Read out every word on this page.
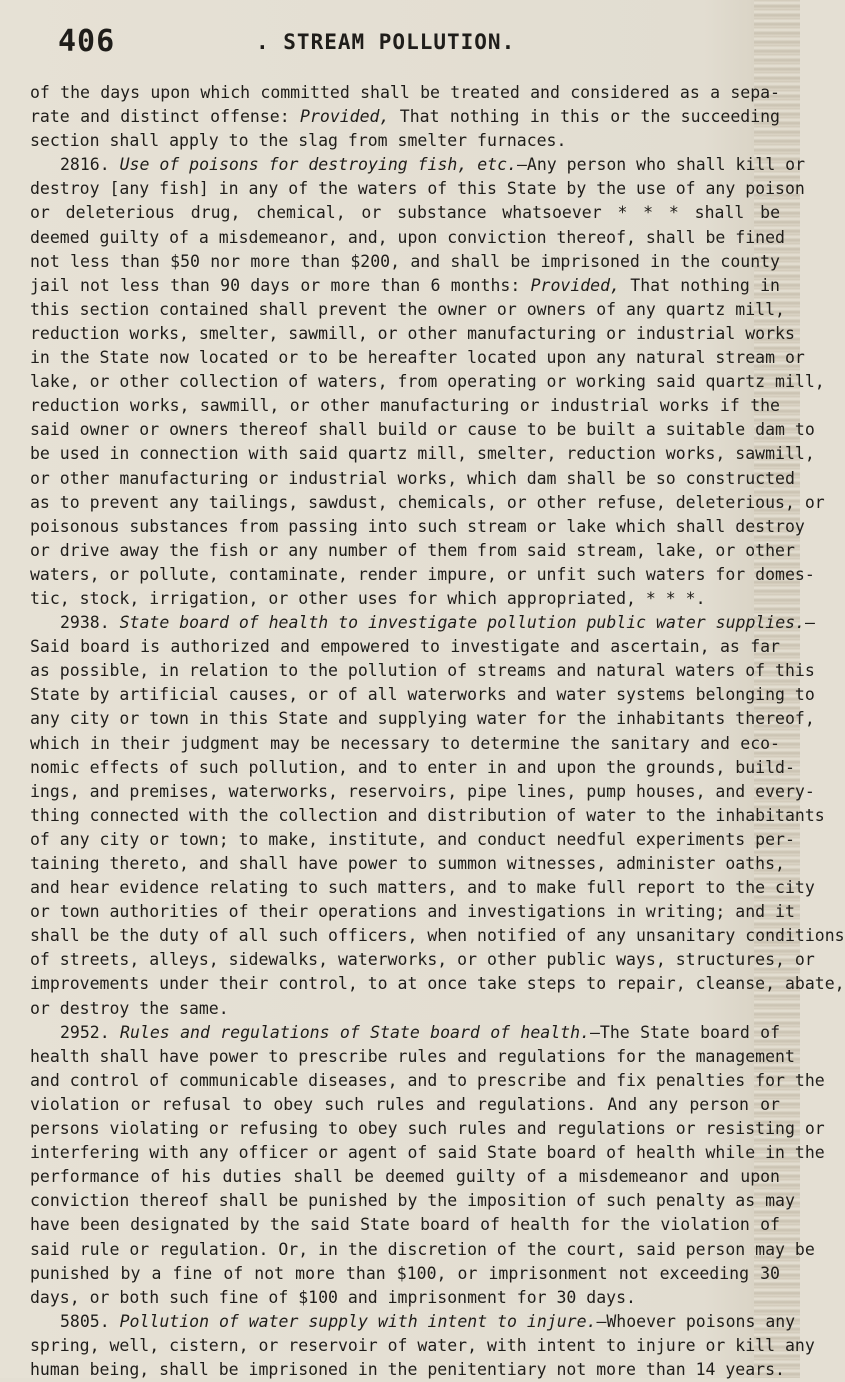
406	. STREAM POLLUTION.
of the days upon which committed shall be treated and considered as a sepa-
rate and distinct offense: Provided, That nothing in this or the succeeding
section shall apply to the slag from smelter furnaces.
2816. Use of poisons for destroying fish, etc.—Any person who shall kill or
destroy [any fish] in any of the waters of this State by the use of any poison
or deleterious drug, chemical, or substance whatsoever * * * shall be
deemed guilty of a misdemeanor, and, upon conviction thereof, shall be fined
not less than $50 nor more than $200, and shall be imprisoned in the county
jail not less than 90 days or more than 6 months: Provided, That nothing in
this section contained shall prevent the owner or owners of any quartz mill,
reduction works, smelter, sawmill, or other manufacturing or industrial works
in the State now located or to be hereafter located upon any natural stream or
lake, or other collection of waters, from operating or working said quartz mill,
reduction works, sawmill, or other manufacturing or industrial works if the
said owner or owners thereof shall build or cause to be built a suitable dam to
be used in connection with said quartz mill, smelter, reduction works, sawmill,
or other manufacturing or industrial works, which dam shall be so constructed
as to prevent any tailings, sawdust, chemicals, or other refuse, deleterious, or
poisonous substances from passing into such stream or lake which shall destroy
or drive away the fish or any number of them from said stream, lake, or other
waters, or pollute, contaminate, render impure, or unfit such waters for domes-
tic, stock, irrigation, or other uses for which appropriated, * * *.
2938. State board of health to investigate pollution public water supplies.—
Said board is authorized and empowered to investigate and ascertain, as far
as possible, in relation to the pollution of streams and natural waters of this
State by artificial causes, or of all waterworks and water systems belonging to
any city or town in this State and supplying water for the inhabitants thereof,
which in their judgment may be necessary to determine the sanitary and eco-
nomic effects of such pollution, and to enter in and upon the grounds, build-
ings, and premises, waterworks, reservoirs, pipe lines, pump houses, and every-
thing connected with the collection and distribution of water to the inhabitants
of any city or town; to make, institute, and conduct needful experiments per-
taining thereto, and shall have power to summon witnesses, administer oaths,
and hear evidence relating to such matters, and to make full report to the city
or town authorities of their operations and investigations in writing; and it
shall be the duty of all such officers, when notified of any unsanitary conditions
of streets, alleys, sidewalks, waterworks, or other public ways, structures, or
improvements under their control, to at once take steps to repair, cleanse, abate,
or destroy the same.
2952. Rules and regulations of State board of health.—The State board of
health shall have power to prescribe rules and regulations for the management
and control of communicable diseases, and to prescribe and fix penalties for the
violation or refusal to obey such rules and regulations. And any person or
persons violating or refusing to obey such rules and regulations or resisting or
interfering with any officer or agent of said State board of health while in the
performance of his duties shall be deemed guilty of a misdemeanor and upon
conviction thereof shall be punished by the imposition of such penalty as may
have been designated by the said State board of health for the violation of
said rule or regulation. Or, in the discretion of the court, said person may be
punished by a fine of not more than $100, or imprisonment not exceeding 30
days, or both such fine of $100 and imprisonment for 30 days.
5805. Pollution of water supply with intent to injure.—Whoever poisons any
spring, well, cistern, or reservoir of water, with intent to injure or kill any
human being, shall be imprisoned in the penitentiary not more than 14 years.
